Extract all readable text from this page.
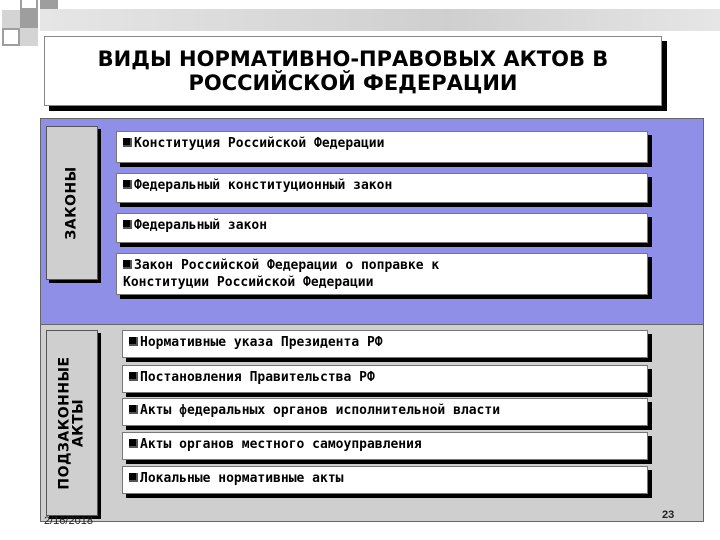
ВИДЫ НОРМАТИВНО-ПРАВОВЫХ АКТОВ В РОССИЙСКОЙ ФЕДЕРАЦИИ
ЗАКОНЫ
Конституция Российской Федерации
Федеральный конституционный закон
Федеральный закон
Закон Российской Федерации о поправке к
Конституции Российской Федерации
ПОДЗАКОННЫЕ
АКТЫ
Нормативные указа Президента РФ
Постановления Правительства РФ
Акты федеральных органов исполнительной власти
Акты органов местного самоуправления
Локальные нормативные акты
2/16/2018	23
